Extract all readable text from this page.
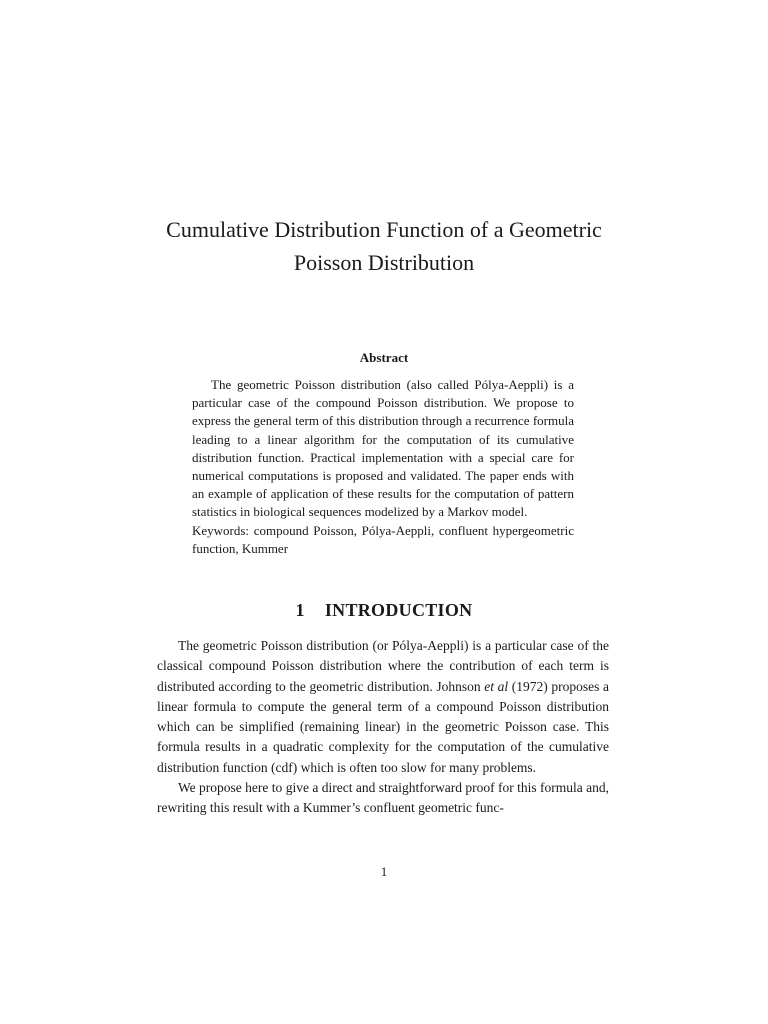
Cumulative Distribution Function of a Geometric
Poisson Distribution
Abstract

The geometric Poisson distribution (also called Pólya-Aeppli) is a particular case of the compound Poisson distribution. We propose to express the general term of this distribution through a recurrence formula leading to a linear algorithm for the computation of its cumulative distribution function. Practical implementation with a special care for numerical computations is proposed and validated. The paper ends with an example of application of these results for the computation of pattern statistics in biological sequences modelized by a Markov model.

Keywords: compound Poisson, Pólya-Aeppli, confluent hypergeometric function, Kummer

1 INTRODUCTION

The geometric Poisson distribution (or Pólya-Aeppli) is a particular case of the classical compound Poisson distribution where the contribution of each term is distributed according to the geometric distribution. Johnson et al (1972) proposes a linear formula to compute the general term of a compound Poisson distribution which can be simplified (remaining linear) in the geometric Poisson case. This formula results in a quadratic complexity for the computation of the cumulative distribution function (cdf) which is often too slow for many problems.

We propose here to give a direct and straightforward proof for this formula and, rewriting this result with a Kummer’s confluent geometric func-

1
